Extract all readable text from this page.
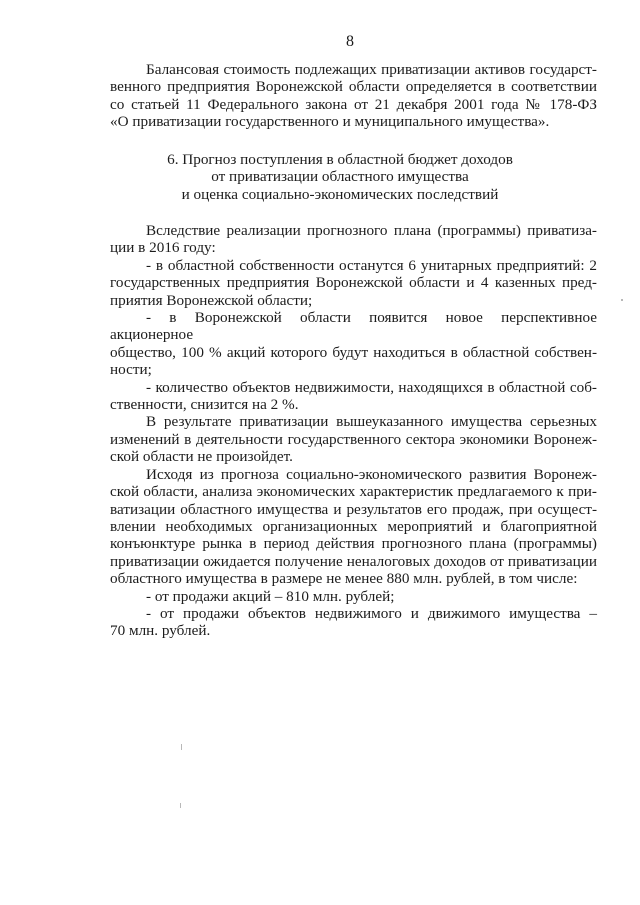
8
Балансовая стоимость подлежащих приватизации активов государст-
венного предприятия Воронежской области определяется в соответствии
со статьей 11 Федерального закона от 21 декабря 2001 года № 178-ФЗ
«О приватизации государственного и муниципального имущества».
6. Прогноз поступления в областной бюджет доходов
от приватизации областного имущества
и оценка социально-экономических последствий
Вследствие реализации прогнозного плана (программы) приватиза-
ции в 2016 году:
- в областной собственности останутся 6 унитарных предприятий: 2
государственных предприятия Воронежской области и 4 казенных пред-
приятия Воронежской области;
- в Воронежской области появится новое перспективное акционерное
общество, 100 % акций которого будут находиться в областной собствен-
ности;
- количество объектов недвижимости, находящихся в областной соб-
ственности, снизится на 2 %.
В результате приватизации вышеуказанного имущества серьезных
изменений в деятельности государственного сектора экономики Воронеж-
ской области не произойдет.
Исходя из прогноза социально-экономического развития Воронеж-
ской области, анализа экономических характеристик предлагаемого к при-
ватизации областного имущества и результатов его продаж, при осущест-
влении необходимых организационных мероприятий и благоприятной
конъюнктуре рынка в период действия прогнозного плана (программы)
приватизации ожидается получение неналоговых доходов от приватизации
областного имущества в размере не менее 880 млн. рублей, в том числе:
- от продажи акций – 810 млн. рублей;
- от продажи объектов недвижимого и движимого имущества –
70 млн. рублей.
